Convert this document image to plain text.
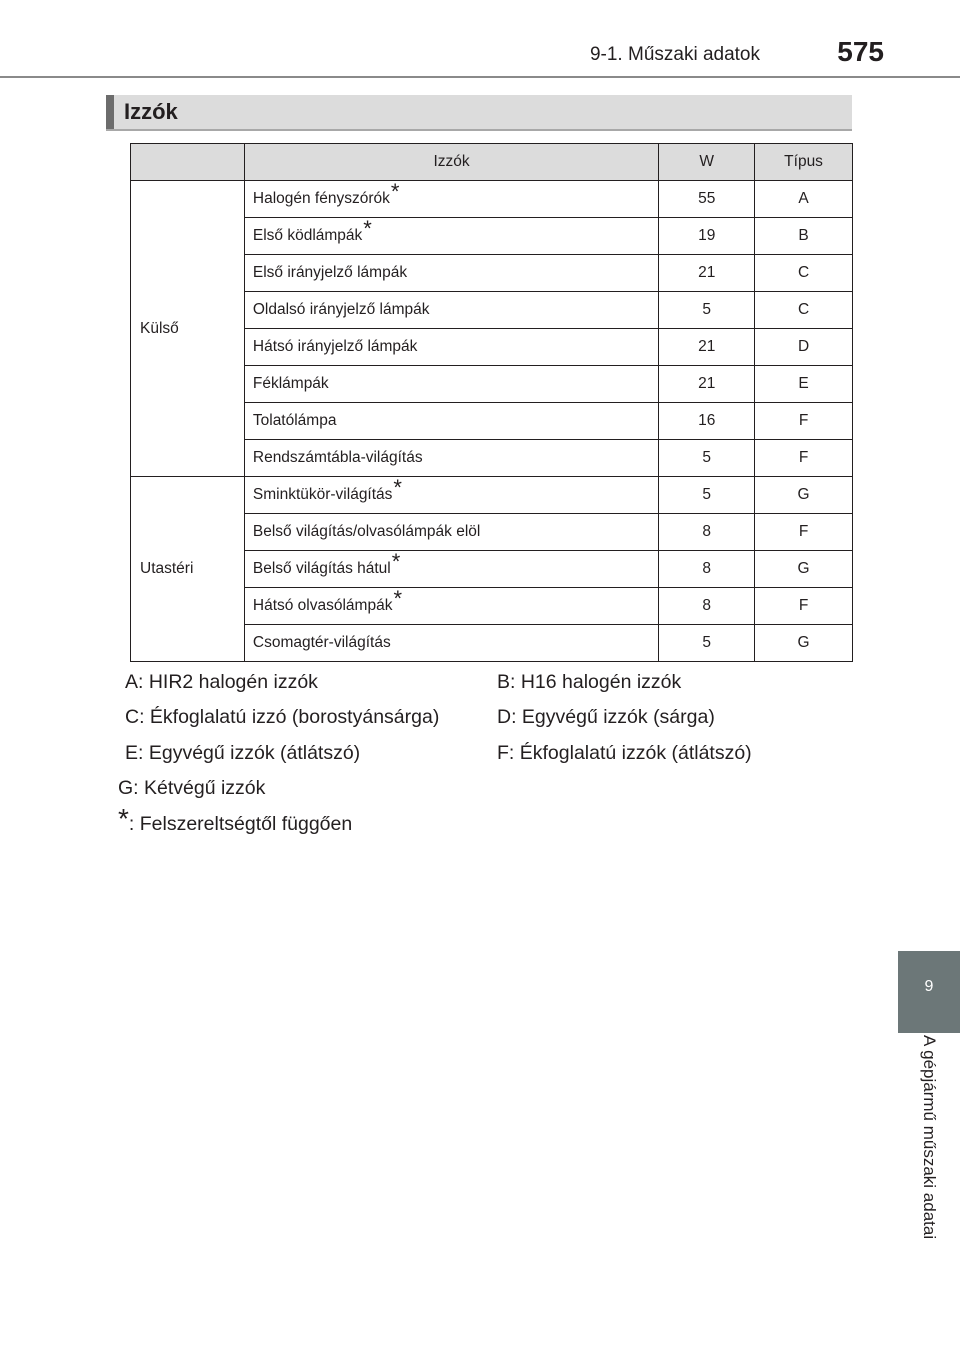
9-1. Műszaki adatok	575
Izzók
	Izzók	W	Típus
Külső	Halogén fényszórók*	55	A
	Első ködlámpák*	19	B
	Első irányjelző lámpák	21	C
	Oldalsó irányjelző lámpák	5	C
	Hátsó irányjelző lámpák	21	D
	Féklámpák	21	E
	Tolatólámpa	16	F
	Rendszámtábla-világítás	5	F
Utastéri	Sminktükör-világítás*	5	G
	Belső világítás/olvasólámpák elöl	8	F
	Belső világítás hátul*	8	G
	Hátsó olvasólámpák*	8	F
	Csomagtér-világítás	5	G
A: HIR2 halogén izzók	B: H16 halogén izzók
C: Ékfoglalatú izzó (borostyánsárga)	D: Egyvégű izzók (sárga)
E: Egyvégű izzók (átlátszó)	F: Ékfoglalatú izzók (átlátszó)
G: Kétvégű izzók
*: Felszereltségtől függően
9
A gépjármű műszaki adatai
